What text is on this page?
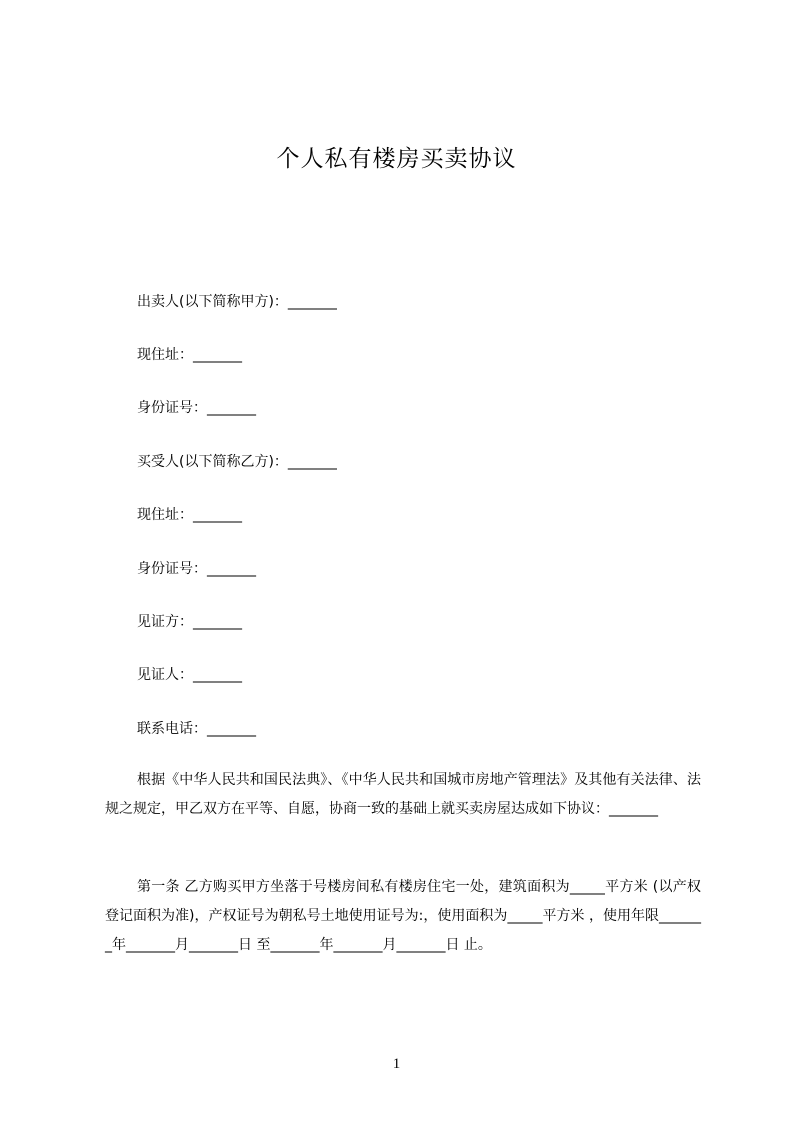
个人私有楼房买卖协议
出卖人(以下简称甲方)：_______
现住址：_______
身份证号：_______
买受人(以下简称乙方)：_______
现住址：_______
身份证号：_______
见证方：_______
见证人：_______
联系电话：_______
根据《中华人民共和国民法典》、《中华人民共和国城市房地产管理法》及其他有关法律、法规之规定，甲乙双方在平等、自愿，协商一致的基础上就买卖房屋达成如下协议：_______
第一条 乙方购买甲方坐落于号楼房间私有楼房住宅一处，建筑面积为_____平方米 (以产权登记面积为准)，产权证号为朝私号土地使用证号为:，使用面积为_____平方米 ，使用年限_______年_______月_______日 至_______年_______月_______日 止。
1
